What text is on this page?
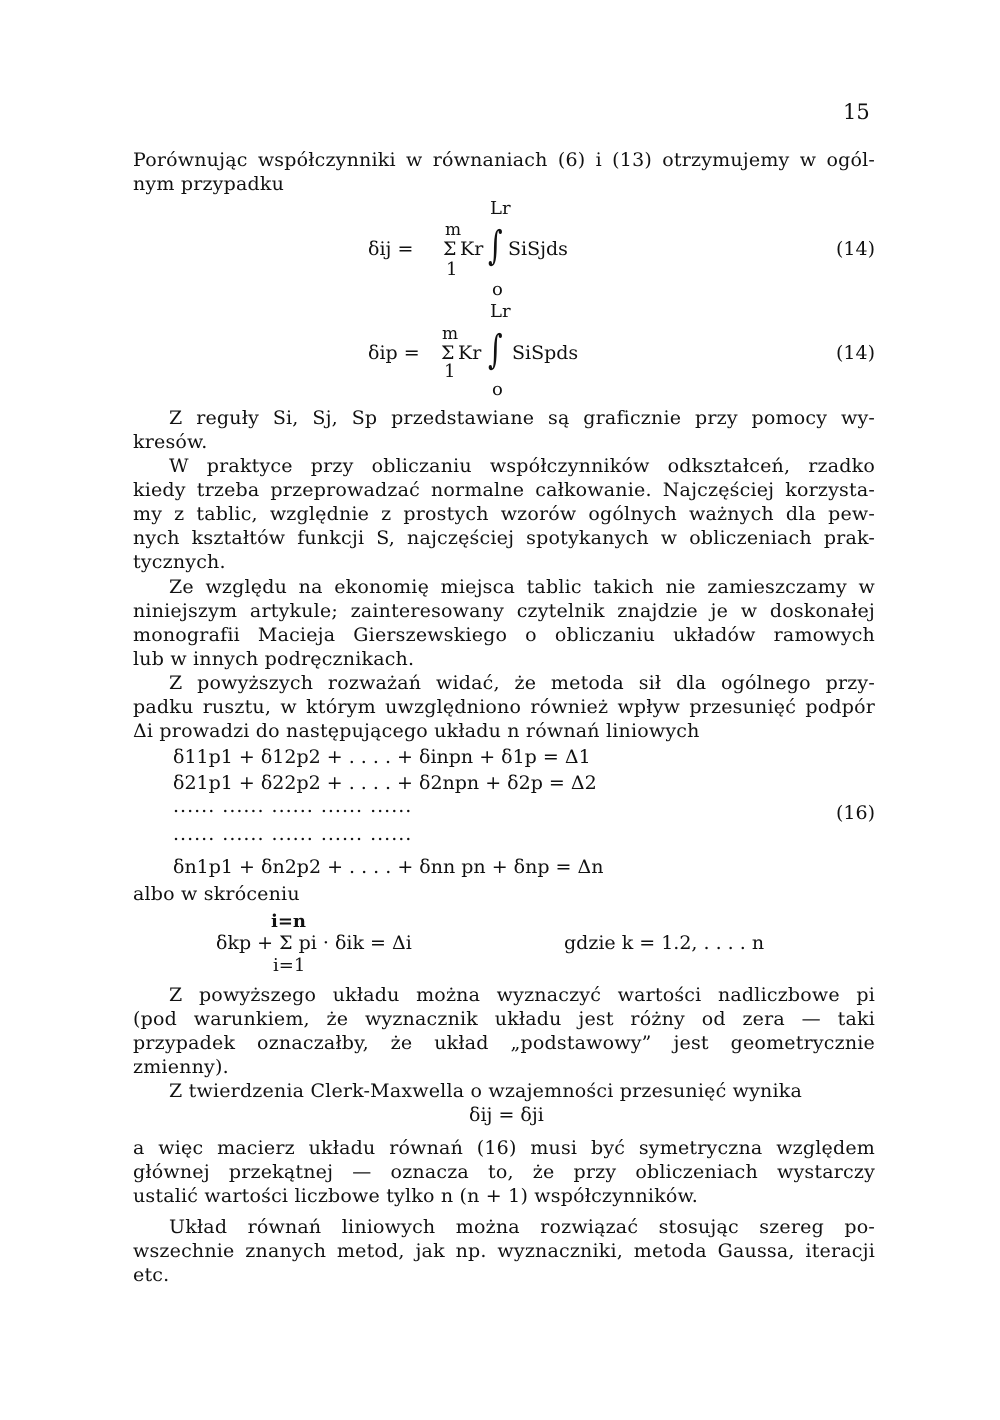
15
Porównując współczynniki w równaniach (6) i (13) otrzymujemy w ogól-
nym przypadku
Lr
m
δij = Σ Kr ∫ SiSjds	(14)
1
o
Lr
m
δip = Σ Kr ∫ SiSpds	(14)
1
o
Z reguły Si, Sj, Sp przedstawiane są graficznie przy pomocy wy-
kresów.
W praktyce przy obliczaniu współczynników odkształceń, rzadko
kiedy trzeba przeprowadzać normalne całkowanie. Najczęściej korzysta-
my z tablic, względnie z prostych wzorów ogólnych ważnych dla pew-
nych kształtów funkcji S, najczęściej spotykanych w obliczeniach prak-
tycznych.
Ze względu na ekonomię miejsca tablic takich nie zamieszczamy w
niniejszym artykule; zainteresowany czytelnik znajdzie je w doskonałej
monografii Macieja Gierszewskiego o obliczaniu układów ramowych
lub w innych podręcznikach.
Z powyższych rozważań widać, że metoda sił dla ogólnego przy-
padku rusztu, w którym uwzględniono również wpływ przesunięć podpór
Δi prowadzi do następującego układu n równań liniowych
δ11p1 + δ12p2 + . . . . + δinpn + δ1p = Δ1
δ21p1 + δ22p2 + . . . . + δ2npn + δ2p = Δ2
...... ...... ...... ...... ......
...... ...... ...... ...... ......
(16)
δn1p1 + δn2p2 + . . . . + δnn pn + δnp = Δn
albo w skróceniu
i=n
δkp + Σ pi · δik = Δi
i=1
gdzie k = 1.2, . . . . n
Z powyższego układu można wyznaczyć wartości nadliczbowe pi
(pod warunkiem, że wyznacznik układu jest różny od zera — taki
przypadek oznaczałby, że układ „podstawowy” jest geometrycznie
zmienny).
Z twierdzenia Clerk-Maxwella o wzajemności przesunięć wynika
δij = δji
a więc macierz układu równań (16) musi być symetryczna względem
głównej przekątnej — oznacza to, że przy obliczeniach wystarczy
ustalić wartości liczbowe tylko n (n + 1) współczynników.
Układ równań liniowych można rozwiązać stosując szereg po-
wszechnie znanych metod, jak np. wyznaczniki, metoda Gaussa, iteracji
etc.
